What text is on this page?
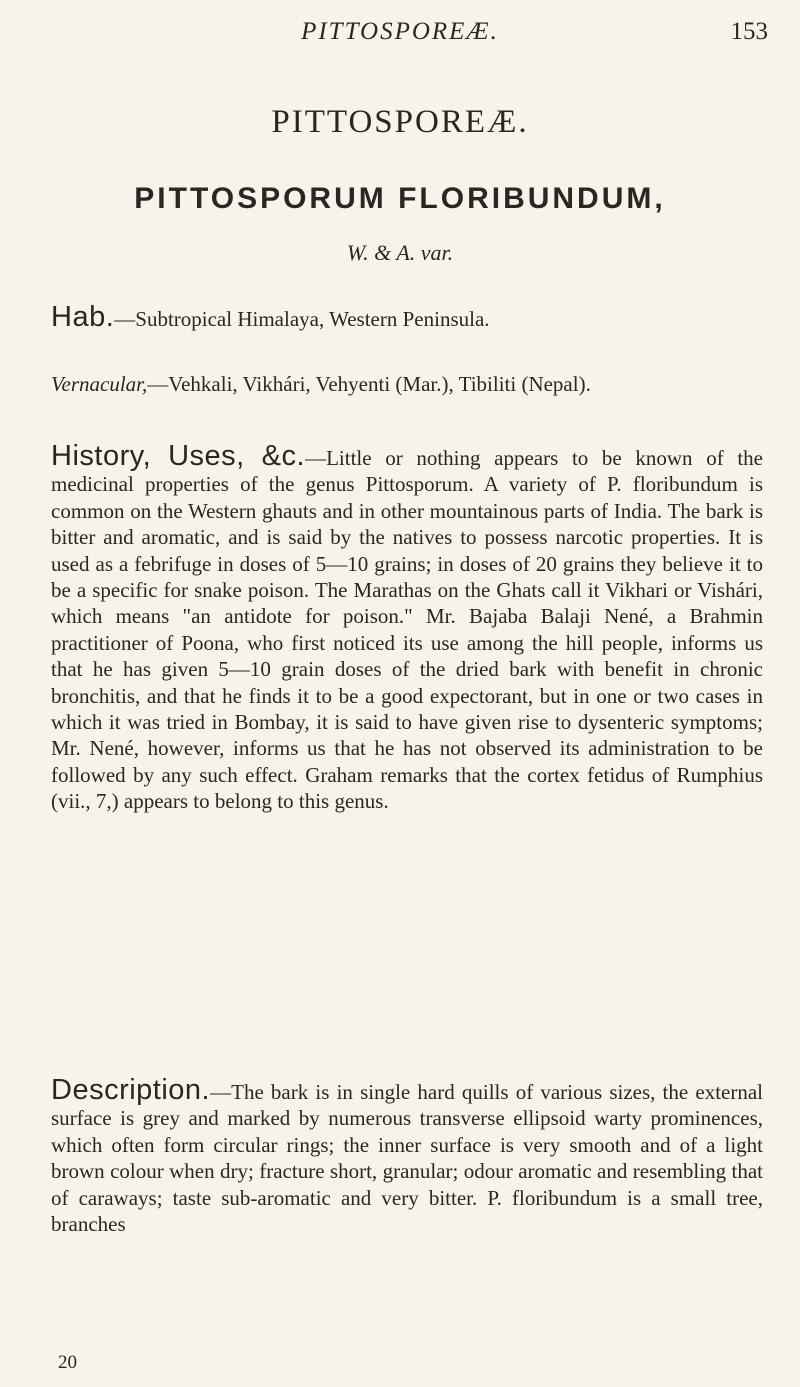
PITTOSPOREÆ.	153
PITTOSPOREÆ.
PITTOSPORUM FLORIBUNDUM,
W. & A. var.

Hab.—Subtropical Himalaya, Western Peninsula.

Vernacular,—Vehkali, Vikhári, Vehyenti (Mar.), Tibiliti (Nepal).

History, Uses, &c.—Little or nothing appears to be known of the medicinal properties of the genus Pittosporum. A variety of P. floribundum is common on the Western ghauts and in other mountainous parts of India. The bark is bitter and aromatic, and is said by the natives to possess narcotic properties. It is used as a febrifuge in doses of 5—10 grains; in doses of 20 grains they believe it to be a specific for snake poison. The Marathas on the Ghats call it Vikhari or Vishári, which means "an antidote for poison." Mr. Bajaba Balaji Nené, a Brahmin practitioner of Poona, who first noticed its use among the hill people, informs us that he has given 5—10 grain doses of the dried bark with benefit in chronic bronchitis, and that he finds it to be a good expectorant, but in one or two cases in which it was tried in Bombay, it is said to have given rise to dysenteric symptoms; Mr. Nené, however, informs us that he has not observed its administration to be followed by any such effect. Graham remarks that the cortex fetidus of Rumphius (vii., 7,) appears to belong to this genus.

Description.—The bark is in single hard quills of various sizes, the external surface is grey and marked by numerous transverse ellipsoid warty prominences, which often form circular rings; the inner surface is very smooth and of a light brown colour when dry; fracture short, granular; odour aromatic and resembling that of caraways; taste sub-aromatic and very bitter. P. floribundum is a small tree, branches

20
